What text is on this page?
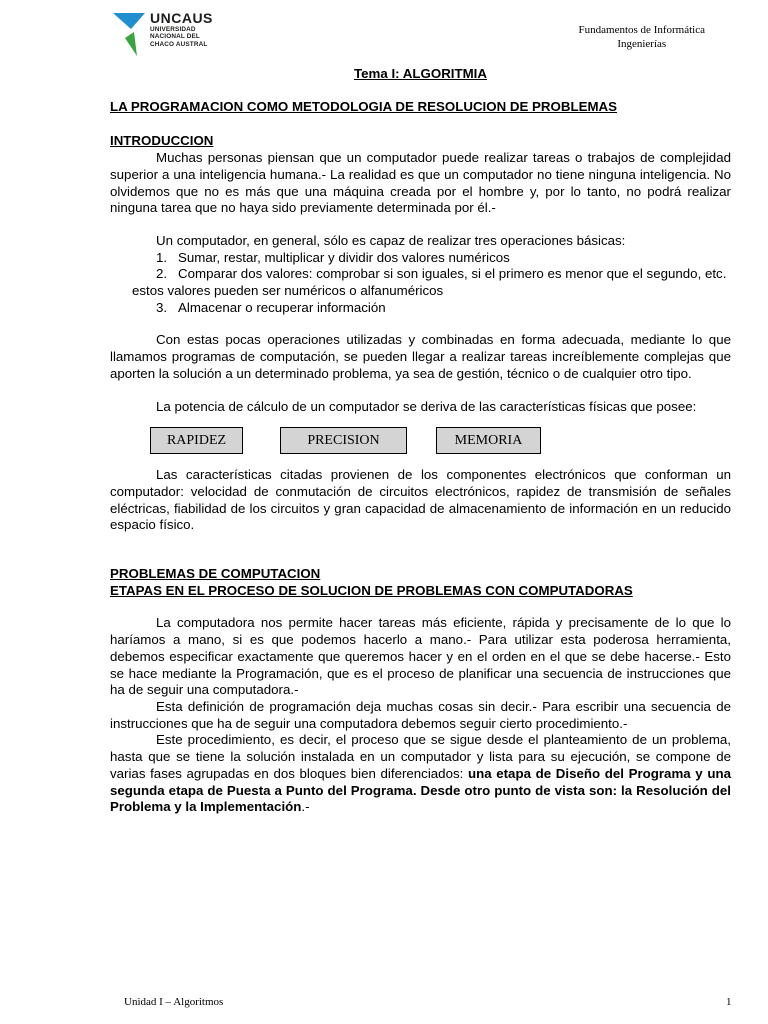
UNCAUS
UNIVERSIDAD
NACIONAL DEL
CHACO AUSTRAL
Fundamentos de Informática
Ingenierías
Tema I: ALGORITMIA
LA PROGRAMACION COMO METODOLOGIA DE RESOLUCION DE PROBLEMAS
INTRODUCCION

Muchas personas piensan que un computador puede realizar tareas o trabajos de complejidad superior a una inteligencia humana.- La realidad es que un computador no tiene ninguna inteligencia. No olvidemos que no es más que una máquina creada por el hombre y, por lo tanto, no podrá realizar ninguna tarea que no haya sido previamente determinada por él.-

Un computador, en general, sólo es capaz de realizar tres operaciones básicas:

1. Sumar, restar, multiplicar y dividir dos valores numéricos
2. Comparar dos valores: comprobar si son iguales, si el primero es menor que el segundo, etc. estos valores pueden ser numéricos o alfanuméricos
3. Almacenar o recuperar información

Con estas pocas operaciones utilizadas y combinadas en forma adecuada, mediante lo que llamamos programas de computación, se pueden llegar a realizar tareas increíblemente complejas que aporten la solución a un determinado problema, ya sea de gestión, técnico o de cualquier otro tipo.

La potencia de cálculo de un computador se deriva de las características físicas que posee:

RAPIDEZ	PRECISION	MEMORIA

Las características citadas provienen de los componentes electrónicos que conforman un computador: velocidad de conmutación de circuitos electrónicos, rapidez de transmisión de señales eléctricas, fiabilidad de los circuitos y gran capacidad de almacenamiento de información en un reducido espacio físico.

PROBLEMAS DE COMPUTACION
ETAPAS EN EL PROCESO DE SOLUCION DE PROBLEMAS CON COMPUTADORAS

La computadora nos permite hacer tareas más eficiente, rápida y precisamente de lo que lo haríamos a mano, si es que podemos hacerlo a mano.- Para utilizar esta poderosa herramienta, debemos especificar exactamente que queremos hacer y en el orden en el que se debe hacerse.- Esto se hace mediante la Programación, que es el proceso de planificar una secuencia de instrucciones que ha de seguir una computadora.-

Esta definición de programación deja muchas cosas sin decir.- Para escribir una secuencia de instrucciones que ha de seguir una computadora debemos seguir cierto procedimiento.-

Este procedimiento, es decir, el proceso que se sigue desde el planteamiento de un problema, hasta que se tiene la solución instalada en un computador y lista para su ejecución, se compone de varias fases agrupadas en dos bloques bien diferenciados: una etapa de Diseño del Programa y una segunda etapa de Puesta a Punto del Programa. Desde otro punto de vista son: la Resolución del Problema y la Implementación.-

Unidad I – Algoritmos	1
